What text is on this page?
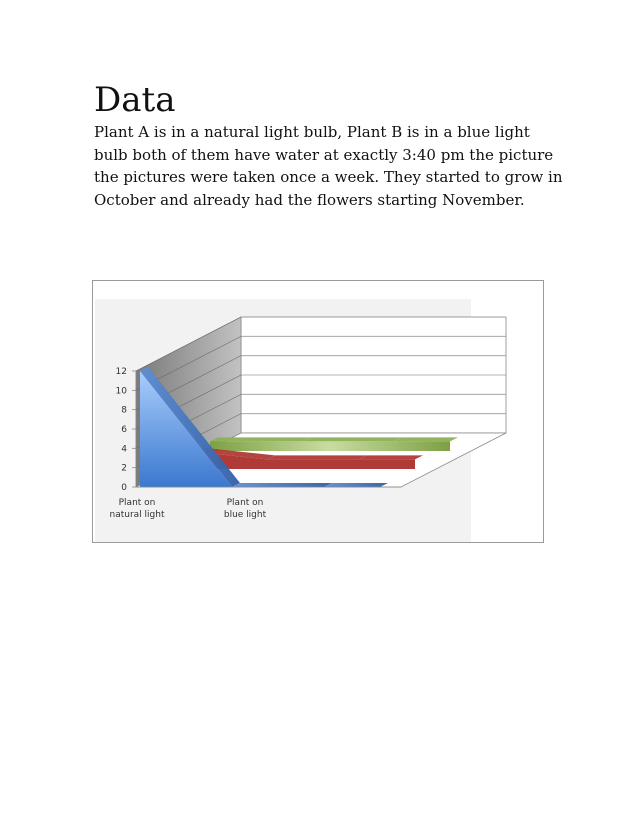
Data

Plant A is in a natural light bulb, Plant B is in a blue light bulb both of them have water at exactly 3:40 pm the picture the pictures were taken once a week. They started to grow in October and already had the flowers starting November.

0
2
4
6
8
10
12
Plant on natural light
Plant on blue light
